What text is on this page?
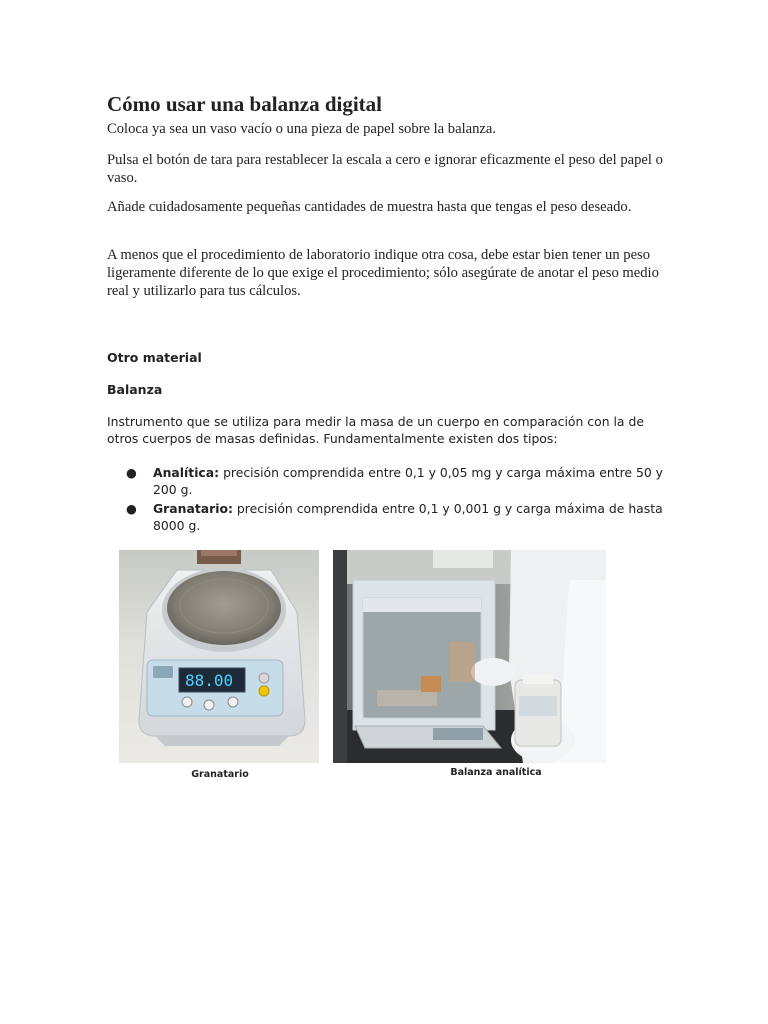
Cómo usar una balanza digital

Coloca ya sea un vaso vacío o una pieza de papel sobre la balanza.

Pulsa el botón de tara para restablecer la escala a cero e ignorar eficazmente el peso del papel o vaso.

Añade cuidadosamente pequeñas cantidades de muestra hasta que tengas el peso deseado.

A menos que el procedimiento de laboratorio indique otra cosa, debe estar bien tener un peso ligeramente diferente de lo que exige el procedimiento; sólo asegúrate de anotar el peso medio real y utilizarlo para tus cálculos.

Otro material
Balanza

Instrumento que se utiliza para medir la masa de un cuerpo en comparación con la de otros cuerpos de masas definidas. Fundamentalmente existen dos tipos:

● Analítica: precisión comprendida entre 0,1 y 0,05 mg y carga máxima entre 50 y 200 g.
● Granatario: precisión comprendida entre 0,1 y 0,001 g y carga máxima de hasta 8000 g.
88.00

Granatario	Balanza analítica
